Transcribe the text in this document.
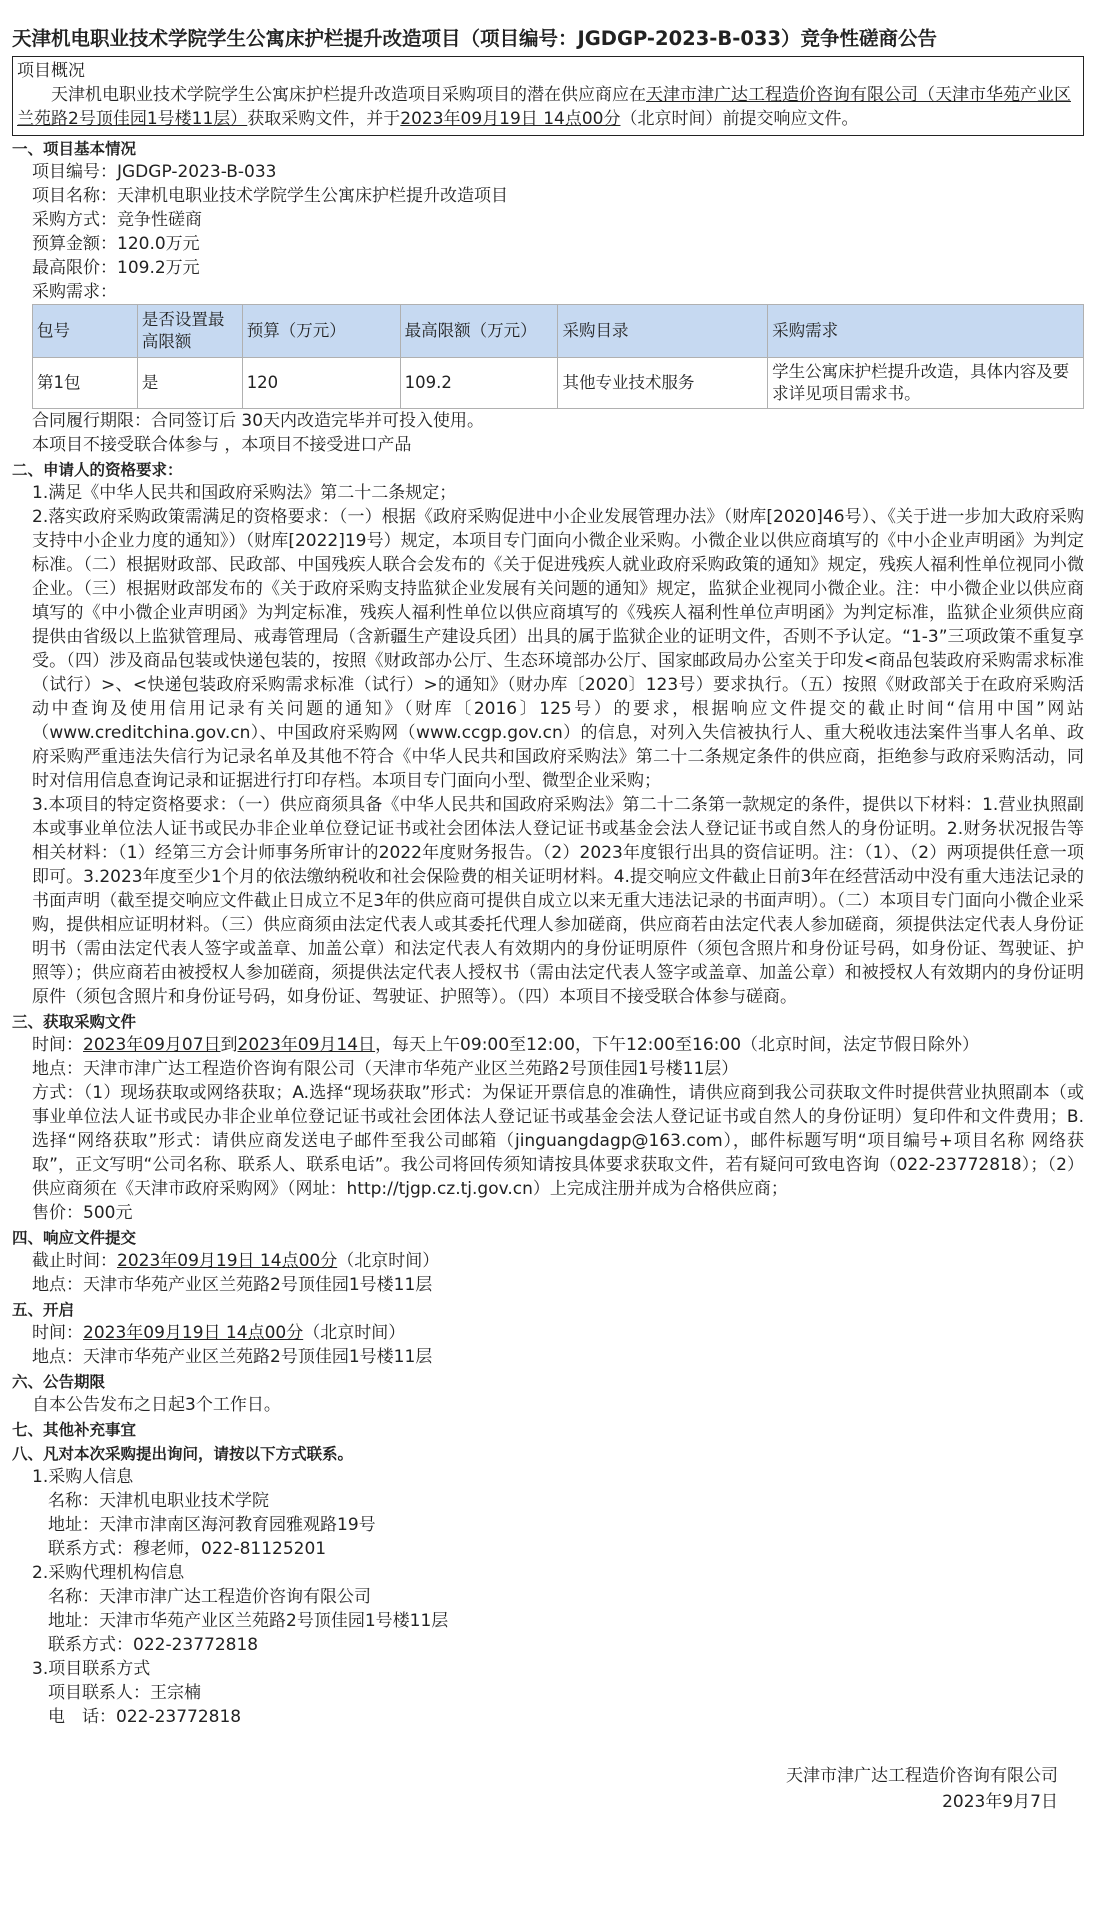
天津机电职业技术学院学生公寓床护栏提升改造项目（项目编号：JGDGP-2023-B-033）竞争性磋商公告
项目概况
天津机电职业技术学院学生公寓床护栏提升改造项目采购项目的潜在供应商应在天津市津广达工程造价咨询有限公司（天津市华苑产业区兰苑路2号顶佳园1号楼11层）获取采购文件，并于2023年09月19日 14点00分（北京时间）前提交响应文件。
一、项目基本情况
项目编号：JGDGP-2023-B-033
项目名称：天津机电职业技术学院学生公寓床护栏提升改造项目
采购方式：竞争性磋商
预算金额：120.0万元
最高限价：109.2万元
采购需求：
包号	是否设置最高限额	预算（万元）	最高限额（万元）	采购目录	采购需求
第1包	是	120	109.2	其他专业技术服务	学生公寓床护栏提升改造，具体内容及要求详见项目需求书。
合同履行期限：合同签订后 30天内改造完毕并可投入使用。
本项目不接受联合体参与 ，本项目不接受进口产品
二、申请人的资格要求：
1.满足《中华人民共和国政府采购法》第二十二条规定；
2.落实政府采购政策需满足的资格要求：（一）根据《政府采购促进中小企业发展管理办法》（财库[2020]46号）、《关于进一步加大政府采购支持中小企业力度的通知》）（财库[2022]19号）规定，本项目专门面向小微企业采购。小微企业以供应商填写的《中小企业声明函》为判定标准。（二）根据财政部、民政部、中国残疾人联合会发布的《关于促进残疾人就业政府采购政策的通知》规定，残疾人福利性单位视同小微企业。（三）根据财政部发布的《关于政府采购支持监狱企业发展有关问题的通知》规定，监狱企业视同小微企业。注：中小微企业以供应商填写的《中小微企业声明函》为判定标准，残疾人福利性单位以供应商填写的《残疾人福利性单位声明函》为判定标准，监狱企业须供应商提供由省级以上监狱管理局、戒毒管理局（含新疆生产建设兵团）出具的属于监狱企业的证明文件，否则不予认定。“1-3”三项政策不重复享受。（四）涉及商品包装或快递包装的，按照《财政部办公厅、生态环境部办公厅、国家邮政局办公室关于印发<商品包装政府采购需求标准（试行）>、<快递包装政府采购需求标准（试行）>的通知》（财办库〔2020〕123号）要求执行。（五）按照《财政部关于在政府采购活动中查询及使用信用记录有关问题的通知》（财库〔2016〕125号）的要求，根据响应文件提交的截止时间“信用中国”网站（www.creditchina.gov.cn）、中国政府采购网（www.ccgp.gov.cn）的信息，对列入失信被执行人、重大税收违法案件当事人名单、政府采购严重违法失信行为记录名单及其他不符合《中华人民共和国政府采购法》第二十二条规定条件的供应商，拒绝参与政府采购活动，同时对信用信息查询记录和证据进行打印存档。本项目专门面向小型、微型企业采购；
3.本项目的特定资格要求：（一）供应商须具备《中华人民共和国政府采购法》第二十二条第一款规定的条件，提供以下材料：1.营业执照副本或事业单位法人证书或民办非企业单位登记证书或社会团体法人登记证书或基金会法人登记证书或自然人的身份证明。2.财务状况报告等相关材料：（1）经第三方会计师事务所审计的2022年度财务报告。（2）2023年度银行出具的资信证明。注：（1）、（2）两项提供任意一项即可。3.2023年度至少1个月的依法缴纳税收和社会保险费的相关证明材料。4.提交响应文件截止日前3年在经营活动中没有重大违法记录的书面声明（截至提交响应文件截止日成立不足3年的供应商可提供自成立以来无重大违法记录的书面声明）。（二）本项目专门面向小微企业采购，提供相应证明材料。（三）供应商须由法定代表人或其委托代理人参加磋商，供应商若由法定代表人参加磋商，须提供法定代表人身份证明书（需由法定代表人签字或盖章、加盖公章）和法定代表人有效期内的身份证明原件（须包含照片和身份证号码，如身份证、驾驶证、护照等）；供应商若由被授权人参加磋商，须提供法定代表人授权书（需由法定代表人签字或盖章、加盖公章）和被授权人有效期内的身份证明原件（须包含照片和身份证号码，如身份证、驾驶证、护照等）。（四）本项目不接受联合体参与磋商。
三、获取采购文件
时间：2023年09月07日到2023年09月14日，每天上午09:00至12:00，下午12:00至16:00（北京时间，法定节假日除外）
地点：天津市津广达工程造价咨询有限公司（天津市华苑产业区兰苑路2号顶佳园1号楼11层）
方式：（1）现场获取或网络获取；A.选择“现场获取”形式：为保证开票信息的准确性，请供应商到我公司获取文件时提供营业执照副本（或事业单位法人证书或民办非企业单位登记证书或社会团体法人登记证书或基金会法人登记证书或自然人的身份证明）复印件和文件费用；B.选择“网络获取”形式：请供应商发送电子邮件至我公司邮箱（jinguangdagp@163.com），邮件标题写明“项目编号+项目名称 网络获取”，正文写明“公司名称、联系人、联系电话”。我公司将回传须知请按具体要求获取文件，若有疑问可致电咨询（022-23772818）；（2）供应商须在《天津市政府采购网》（网址：http://tjgp.cz.tj.gov.cn）上完成注册并成为合格供应商；
售价：500元
四、响应文件提交
截止时间：2023年09月19日 14点00分（北京时间）
地点：天津市华苑产业区兰苑路2号顶佳园1号楼11层
五、开启
时间：2023年09月19日 14点00分（北京时间）
地点：天津市华苑产业区兰苑路2号顶佳园1号楼11层
六、公告期限
自本公告发布之日起3个工作日。
七、其他补充事宜
八、凡对本次采购提出询问，请按以下方式联系。
1.采购人信息
名称：天津机电职业技术学院
地址：天津市津南区海河教育园雅观路19号
联系方式：穆老师，022-81125201
2.采购代理机构信息
名称：天津市津广达工程造价咨询有限公司
地址：天津市华苑产业区兰苑路2号顶佳园1号楼11层
联系方式：022-23772818
3.项目联系方式
项目联系人：王宗楠
电　话：022-23772818
天津市津广达工程造价咨询有限公司
2023年9月7日
